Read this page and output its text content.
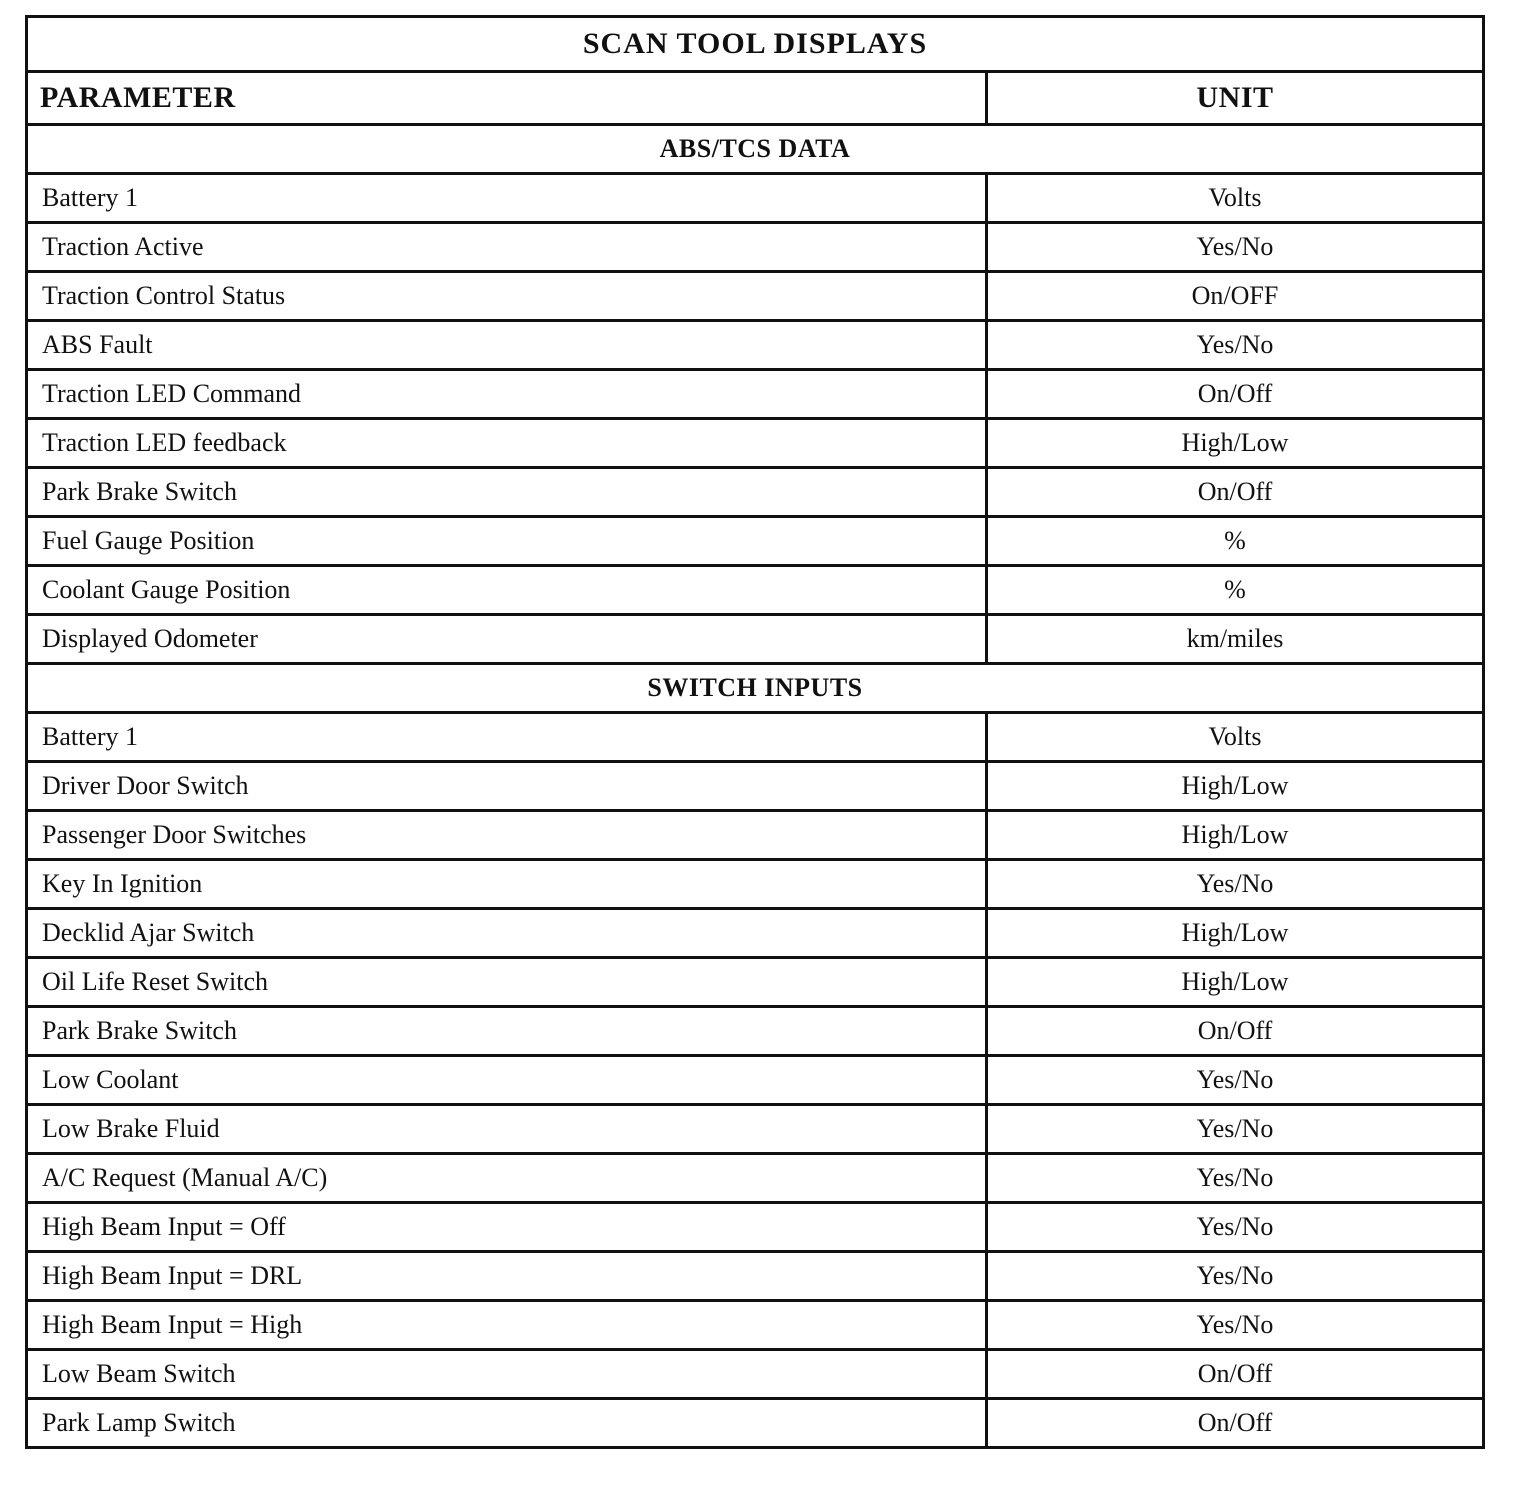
SCAN TOOL DISPLAYS	
PARAMETER	UNIT
ABS/TCS DATA	
Battery 1	Volts
Traction Active	Yes/No
Traction Control Status	On/OFF
ABS Fault	Yes/No
Traction LED Command	On/Off
Traction LED feedback	High/Low
Park Brake Switch	On/Off
Fuel Gauge Position	%
Coolant Gauge Position	%
Displayed Odometer	km/miles
SWITCH INPUTS	
Battery 1	Volts
Driver Door Switch	High/Low
Passenger Door Switches	High/Low
Key In Ignition	Yes/No
Decklid Ajar Switch	High/Low
Oil Life Reset Switch	High/Low
Park Brake Switch	On/Off
Low Coolant	Yes/No
Low Brake Fluid	Yes/No
A/C Request (Manual A/C)	Yes/No
High Beam Input = Off	Yes/No
High Beam Input = DRL	Yes/No
High Beam Input = High	Yes/No
Low Beam Switch	On/Off
Park Lamp Switch	On/Off
